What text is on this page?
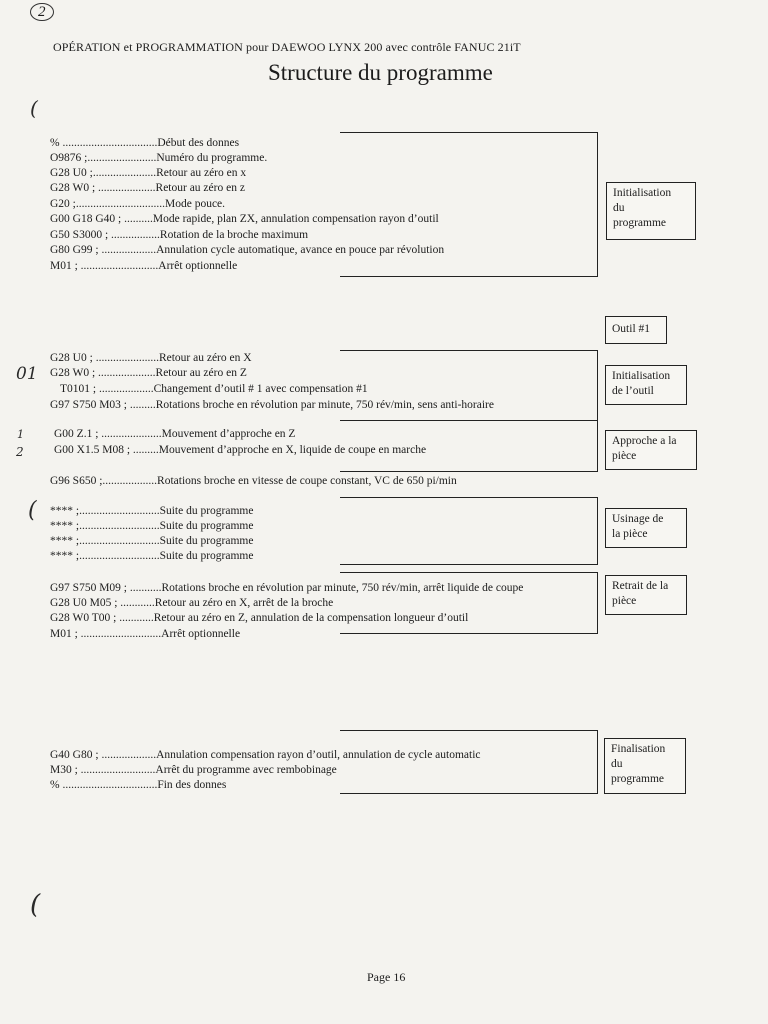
2
OPÉRATION et PROGRAMMATION pour DAEWOO LYNX 200 avec contrôle FANUC 21iT
Structure du programme
% .................................Début des donnes
O9876 ;........................Numéro du programme.
G28 U0 ;......................Retour au zéro en x
G28 W0 ; ....................Retour au zéro en z
G20 ;...............................Mode pouce.
G00 G18 G40 ; ..........Mode rapide, plan ZX, annulation compensation rayon d’outil
G50 S3000 ; .................Rotation de la broche maximum
G80 G99 ; ...................Annulation cycle automatique, avance en pouce par révolution
M01 ; ...........................Arrêt optionnelle
Initialisation
du
programme
Outil #1
G28 U0 ; ......................Retour au zéro en X
G28 W0 ; ....................Retour au zéro en Z
T0101 ; ...................Changement d’outil # 1 avec compensation #1
G97 S750 M03 ; .........Rotations broche en révolution par minute, 750 rév/min, sens anti-horaire
Initialisation
de l’outil
G00 Z.1 ; .....................Mouvement d’approche en Z
G00 X1.5 M08 ; .........Mouvement d’approche en X, liquide de coupe en marche
G96 S650 ;...................Rotations broche en vitesse de coupe constant, VC de 650 pi/min
Approche a la
pièce
**** ;............................Suite du programme
**** ;............................Suite du programme
**** ;............................Suite du programme
**** ;............................Suite du programme
Usinage de
la pièce
G97 S750 M09 ; ...........Rotations broche en révolution par minute, 750 rév/min, arrêt liquide de coupe
G28 U0 M05 ; ............Retour au zéro en X, arrêt de la broche
G28 W0 T00 ; ............Retour au zéro en Z, annulation de la compensation longueur d’outil
M01 ; ............................Arrêt optionnelle
Retrait de la
pièce
G40 G80 ; ...................Annulation compensation rayon d’outil, annulation de cycle automatic
M30 ; ..........................Arrêt du programme avec rembobinage
% .................................Fin des donnes
Finalisation
du
programme
01
1
2
(
(
(
Page 16
